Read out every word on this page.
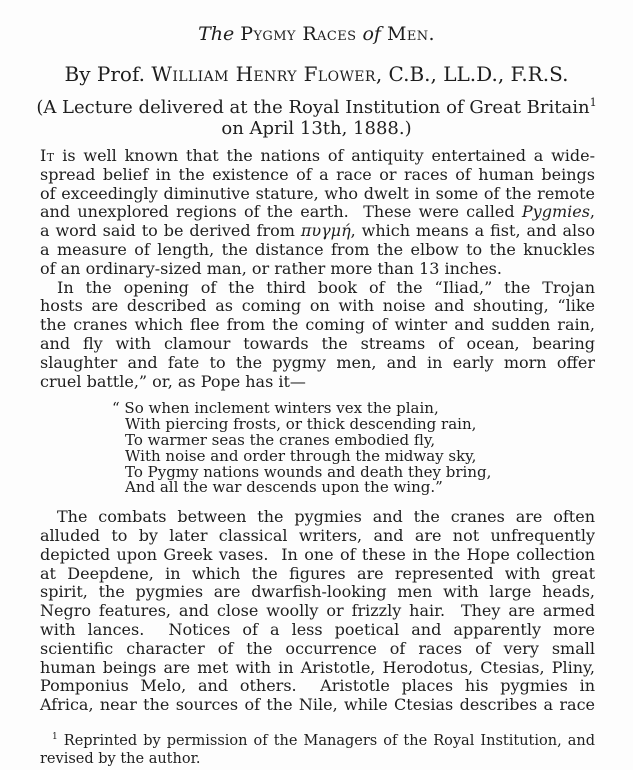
The Pygmy Races of Men.
By Prof. William Henry Flower, C.B., LL.D., F.R.S.
(A Lecture delivered at the Royal Institution of Great Britain$^1$
on April 13th, 1888.)
It is well known that the nations of antiquity entertained a wide-
spread belief in the existence of a race or races of human beings
of exceedingly diminutive stature, who dwelt in some of the remote
and unexplored regions of the earth.  These were called Pygmies,
a word said to be derived from πυγμή, which means a fist, and also
a measure of length, the distance from the elbow to the knuckles
of an ordinary-sized man, or rather more than 13 inches.
In the opening of the third book of the “Iliad,” the Trojan
hosts are described as coming on with noise and shouting, “like
the cranes which flee from the coming of winter and sudden rain,
and fly with clamour towards the streams of ocean, bearing
slaughter and fate to the pygmy men, and in early morn offer
cruel battle,” or, as Pope has it—
“ So when inclement winters vex the plain,
With piercing frosts, or thick descending rain,
To warmer seas the cranes embodied fly,
With noise and order through the midway sky,
To Pygmy nations wounds and death they bring,
And all the war descends upon the wing.”
The combats between the pygmies and the cranes are often
alluded to by later classical writers, and are not unfrequently
depicted upon Greek vases.  In one of these in the Hope collection
at Deepdene, in which the figures are represented with great
spirit, the pygmies are dwarfish-looking men with large heads,
Negro features, and close woolly or frizzly hair.  They are armed
with lances.  Notices of a less poetical and apparently more
scientific character of the occurrence of races of very small
human beings are met with in Aristotle, Herodotus, Ctesias, Pliny,
Pomponius Melo, and others.  Aristotle places his pygmies in
Africa, near the sources of the Nile, while Ctesias describes a race
$^1$ Reprinted by permission of the Managers of the Royal Institution, and
revised by the author.
